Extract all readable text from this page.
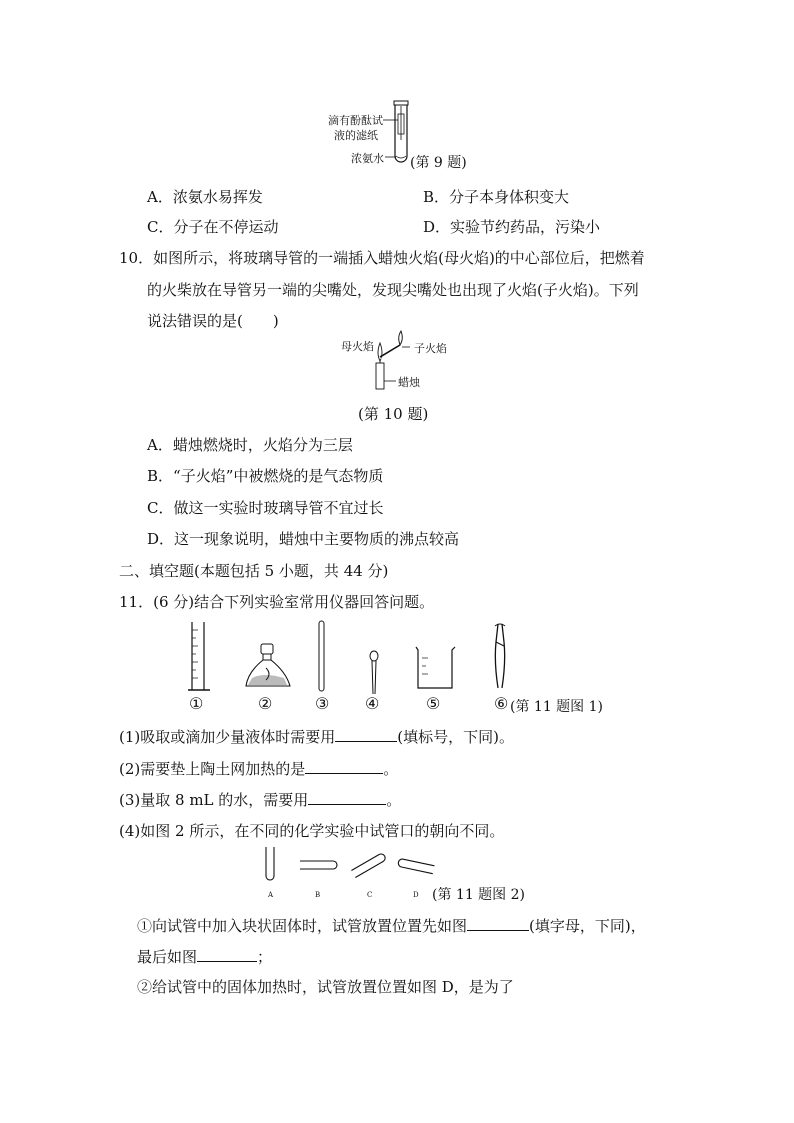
滴有酚酞试
液的滤纸
浓氨水 (第 9 题)
A．浓氨水易挥发	B．分子本身体积变大
C．分子在不停运动	D．实验节约药品，污染小
10．如图所示，将玻璃导管的一端插入蜡烛火焰(母火焰)的中心部位后，把燃着
的火柴放在导管另一端的尖嘴处，发现尖嘴处也出现了火焰(子火焰)。下列
说法错误的是(　　)
母火焰	子火焰
蜡烛
(第 10 题)
A．蜡烛燃烧时，火焰分为三层
B．“子火焰”中被燃烧的是气态物质
C．做这一实验时玻璃导管不宜过长
D．这一现象说明，蜡烛中主要物质的沸点较高
二、填空题(本题包括 5 小题，共 44 分)
11．(6 分)结合下列实验室常用仪器回答问题。
①	②	③ ④	⑤	⑥ (第 11 题图 1)
(1)吸取或滴加少量液体时需要用	(填标号，下同)。
(2)需要垫上陶土网加热的是	。
(3)量取 8 mL 的水，需要用	。
(4)如图 2 所示，在不同的化学实验中试管口的朝向不同。
A	B	C	D (第 11 题图 2)
①向试管中加入块状固体时，试管放置位置先如图	(填字母，下同)，
最后如图	；
②给试管中的固体加热时，试管放置位置如图 D，是为了
